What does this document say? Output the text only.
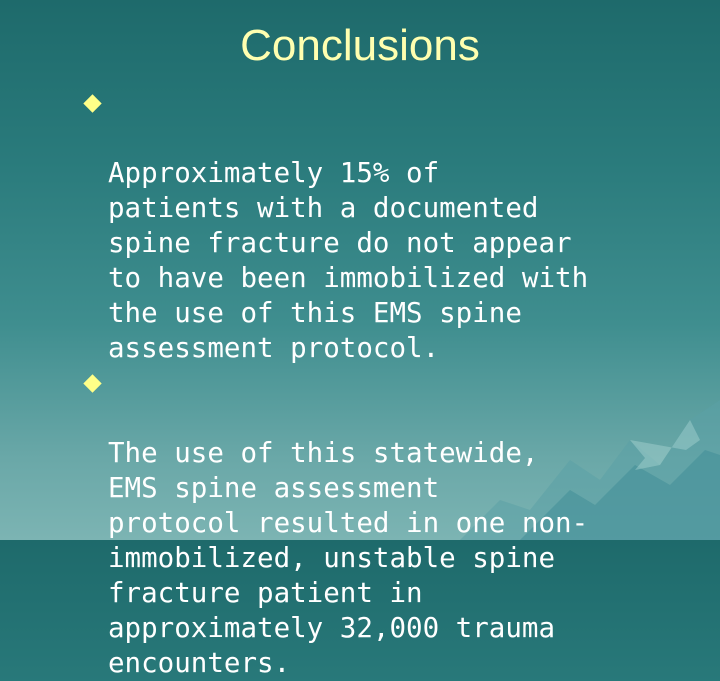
Conclusions

Approximately 15% of
patients with a documented
spine fracture do not appear
to have been immobilized with
the use of this EMS spine
assessment protocol.

The use of this statewide,
EMS spine assessment
protocol resulted in one non-
immobilized, unstable spine
fracture patient in
approximately 32,000 trauma
encounters.
